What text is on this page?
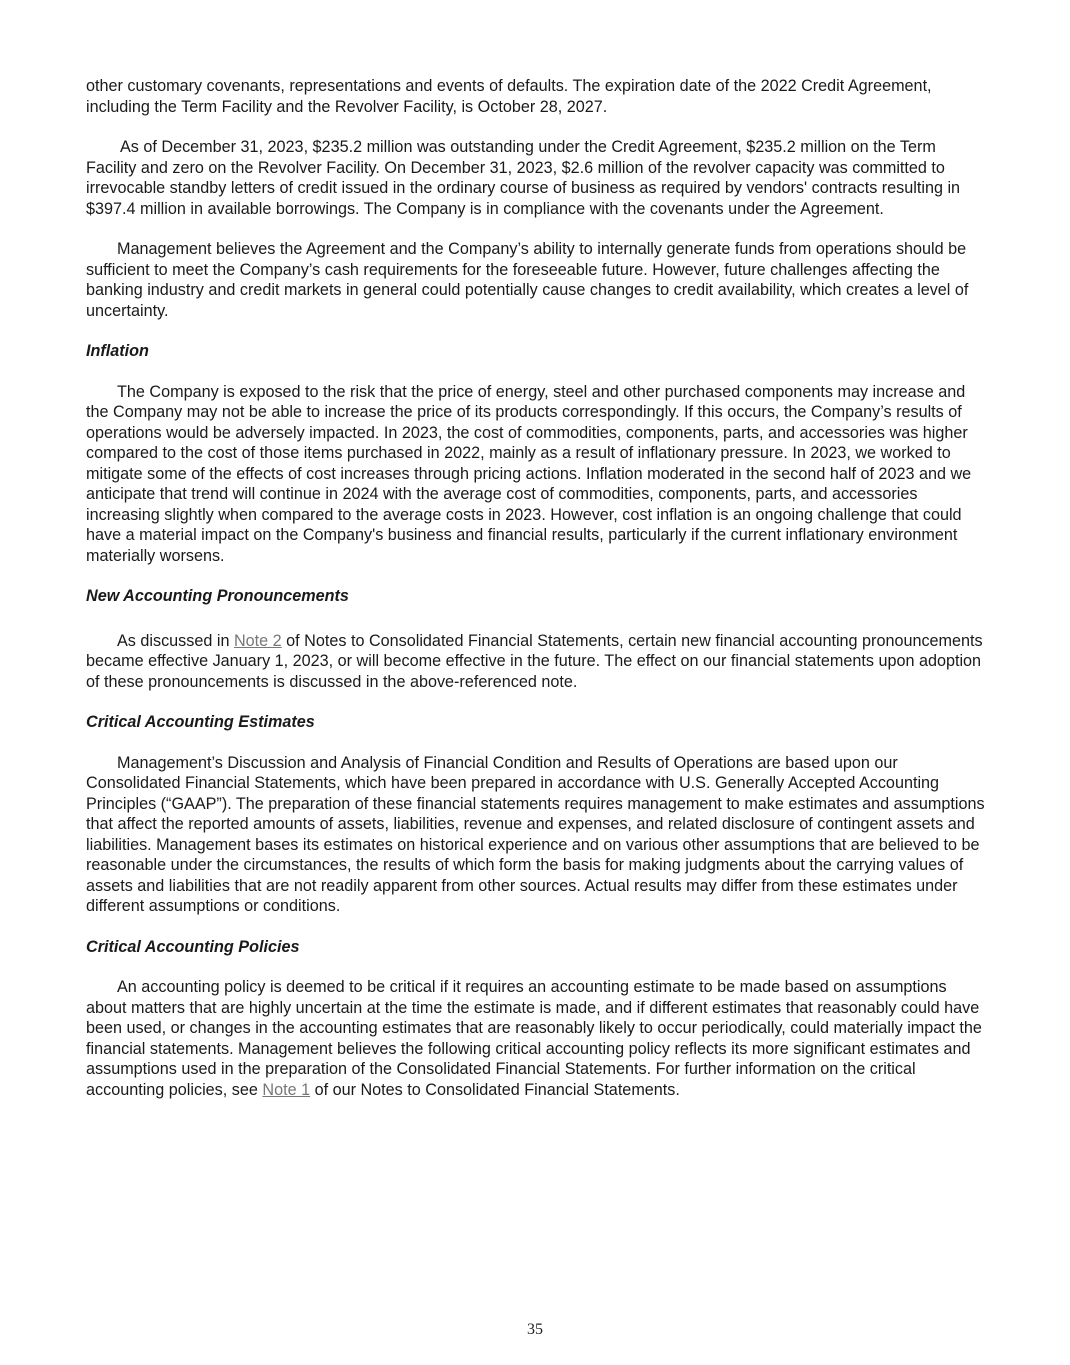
other customary covenants, representations and events of defaults. The expiration date of the 2022 Credit Agreement, including the Term Facility and the Revolver Facility, is October 28, 2027.

As of December 31, 2023, $235.2 million was outstanding under the Credit Agreement, $235.2 million on the Term Facility and zero on the Revolver Facility. On December 31, 2023, $2.6 million of the revolver capacity was committed to irrevocable standby letters of credit issued in the ordinary course of business as required by vendors' contracts resulting in $397.4 million in available borrowings. The Company is in compliance with the covenants under the Agreement.

Management believes the Agreement and the Company’s ability to internally generate funds from operations should be sufficient to meet the Company’s cash requirements for the foreseeable future. However, future challenges affecting the banking industry and credit markets in general could potentially cause changes to credit availability, which creates a level of uncertainty.

Inflation

The Company is exposed to the risk that the price of energy, steel and other purchased components may increase and the Company may not be able to increase the price of its products correspondingly. If this occurs, the Company’s results of operations would be adversely impacted. In 2023, the cost of commodities, components, parts, and accessories was higher compared to the cost of those items purchased in 2022, mainly as a result of inflationary pressure. In 2023, we worked to mitigate some of the effects of cost increases through pricing actions. Inflation moderated in the second half of 2023 and we anticipate that trend will continue in 2024 with the average cost of commodities, components, parts, and accessories increasing slightly when compared to the average costs in 2023. However, cost inflation is an ongoing challenge that could have a material impact on the Company's business and financial results, particularly if the current inflationary environment materially worsens.

New Accounting Pronouncements

As discussed in Note 2 of Notes to Consolidated Financial Statements, certain new financial accounting pronouncements became effective January 1, 2023, or will become effective in the future. The effect on our financial statements upon adoption of these pronouncements is discussed in the above-referenced note.

Critical Accounting Estimates

Management’s Discussion and Analysis of Financial Condition and Results of Operations are based upon our Consolidated Financial Statements, which have been prepared in accordance with U.S. Generally Accepted Accounting Principles (“GAAP”). The preparation of these financial statements requires management to make estimates and assumptions that affect the reported amounts of assets, liabilities, revenue and expenses, and related disclosure of contingent assets and liabilities. Management bases its estimates on historical experience and on various other assumptions that are believed to be reasonable under the circumstances, the results of which form the basis for making judgments about the carrying values of assets and liabilities that are not readily apparent from other sources. Actual results may differ from these estimates under different assumptions or conditions.

Critical Accounting Policies

An accounting policy is deemed to be critical if it requires an accounting estimate to be made based on assumptions about matters that are highly uncertain at the time the estimate is made, and if different estimates that reasonably could have been used, or changes in the accounting estimates that are reasonably likely to occur periodically, could materially impact the financial statements. Management believes the following critical accounting policy reflects its more significant estimates and assumptions used in the preparation of the Consolidated Financial Statements. For further information on the critical accounting policies, see Note 1 of our Notes to Consolidated Financial Statements.

35
